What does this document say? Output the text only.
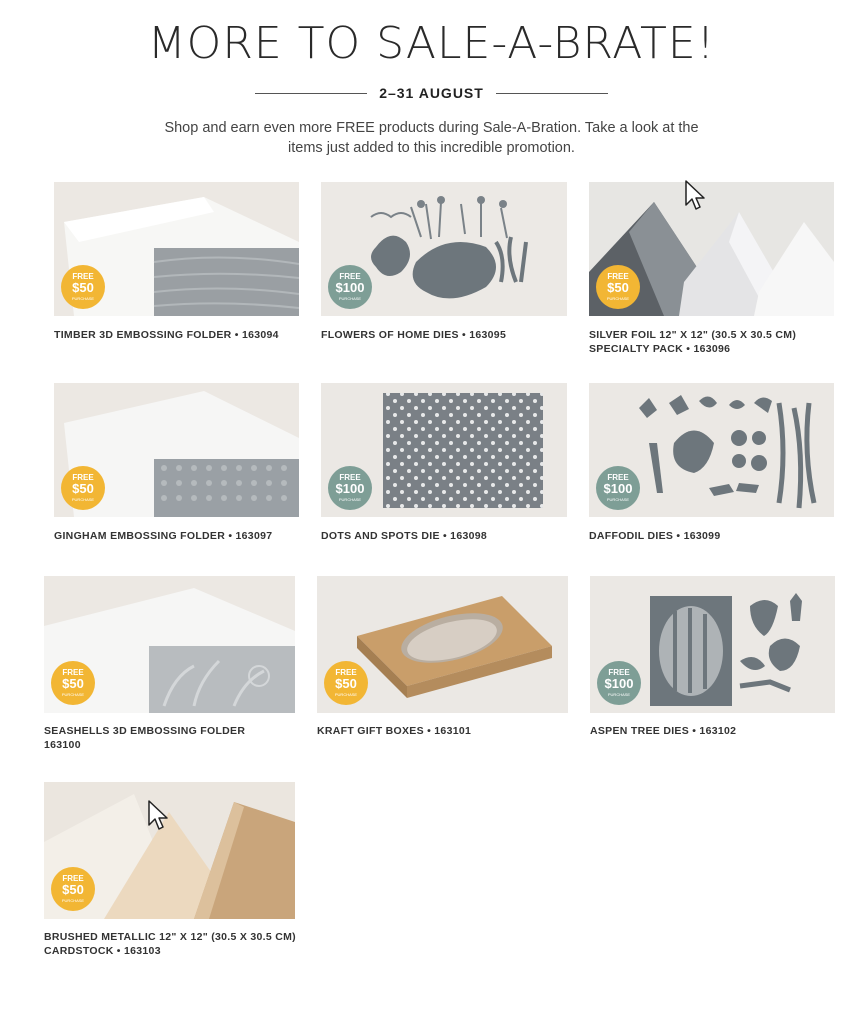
MORE TO SALE-A-BRATE!
2–31 AUGUST
Shop and earn even more FREE products during Sale-A-Bration. Take a look at the items just added to this incredible promotion.
FREE
$50
PURCHASE
TIMBER 3D EMBOSSING FOLDER • 163094
FREE
$100
PURCHASE
FLOWERS OF HOME DIES • 163095
FREE
$50
PURCHASE
SILVER FOIL 12" X 12" (30.5 X 30.5 CM) SPECIALTY PACK • 163096
FREE
$50
PURCHASE
GINGHAM EMBOSSING FOLDER • 163097
FREE
$100
PURCHASE
DOTS AND SPOTS DIE • 163098
FREE
$100
PURCHASE
DAFFODIL DIES • 163099
FREE
$50
PURCHASE
SEASHELLS 3D EMBOSSING FOLDER 163100
FREE
$50
PURCHASE
KRAFT GIFT BOXES • 163101
FREE
$100
PURCHASE
ASPEN TREE DIES • 163102
FREE
$50
PURCHASE
BRUSHED METALLIC 12" X 12" (30.5 X 30.5 CM) CARDSTOCK • 163103
